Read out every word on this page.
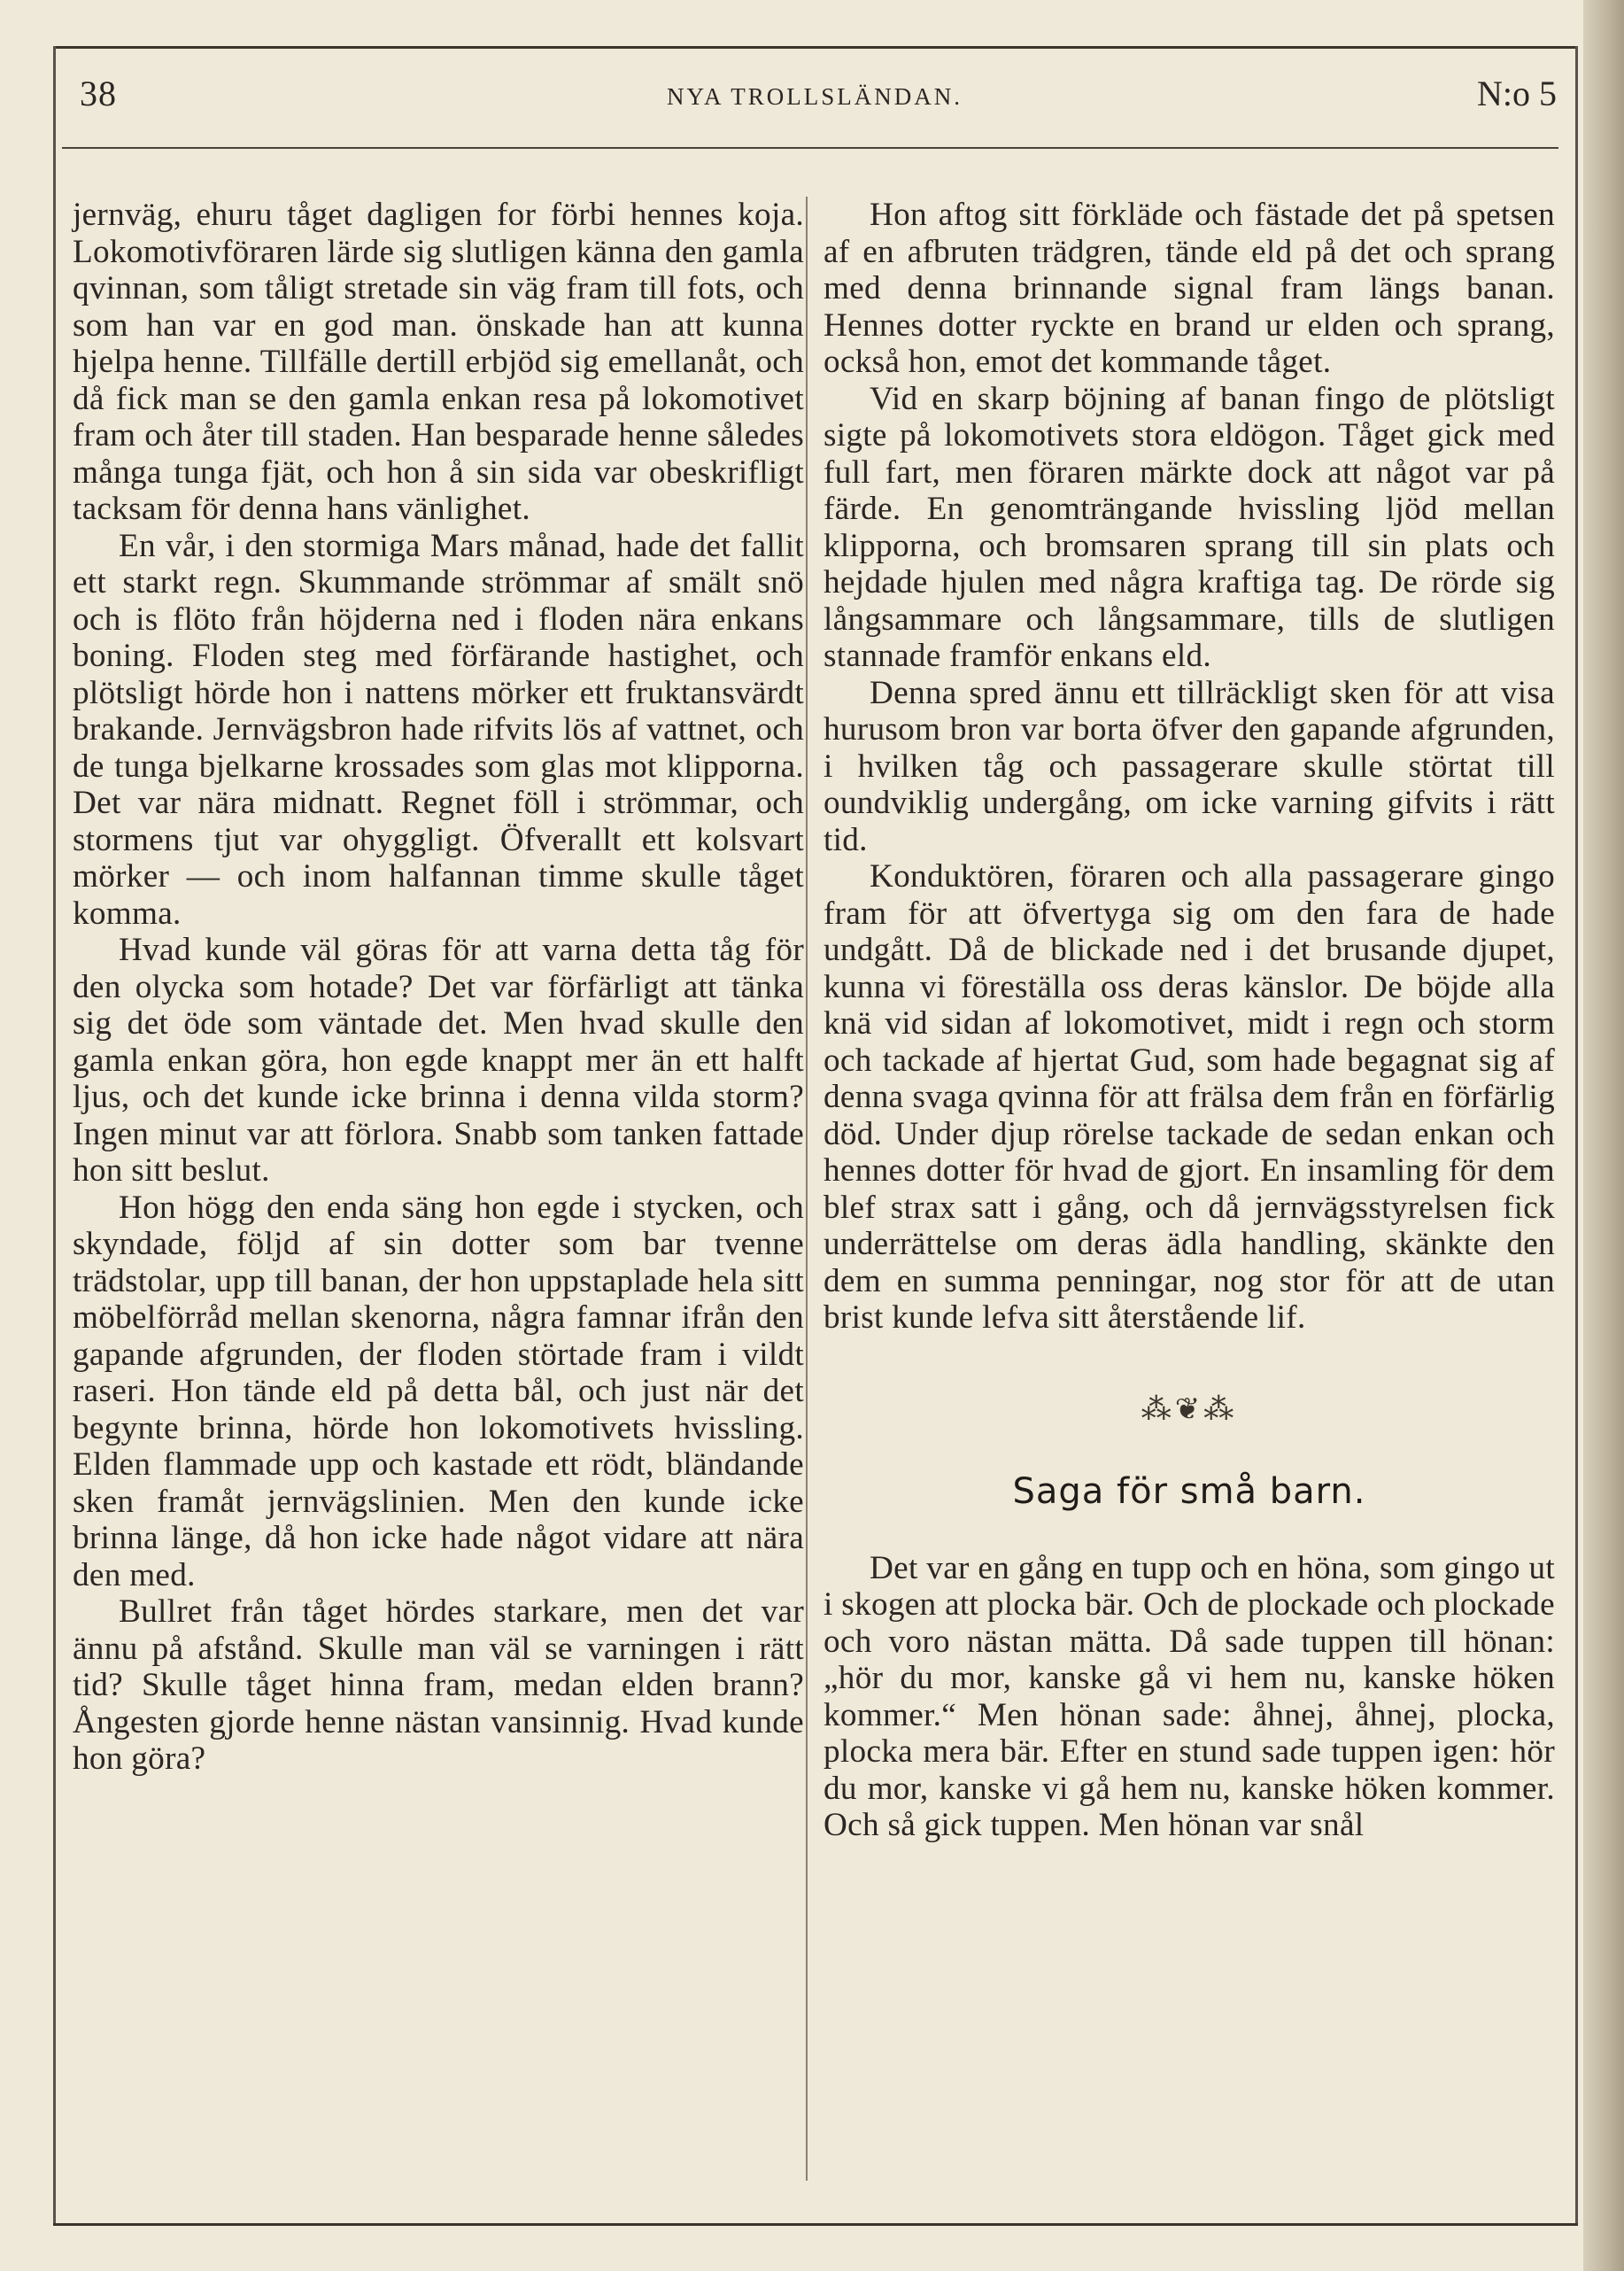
38	NYA TROLLSLÄNDAN.	N:o 5

jernväg, ehuru tåget dagligen for förbi hennes koja. Lokomotivföraren lärde sig slutligen känna den gamla qvinnan, som tåligt stretade sin väg fram till fots, och som han var en god man. önskade han att kunna hjelpa henne. Tillfälle dertill erbjöd sig emellanåt, och då fick man se den gamla enkan resa på lokomotivet fram och åter till staden. Han besparade henne således många tunga fjät, och hon å sin sida var obeskrifligt tacksam för denna hans vänlighet.

En vår, i den stormiga Mars månad, hade det fallit ett starkt regn. Skummande strömmar af smält snö och is flöto från höjderna ned i floden nära enkans boning. Floden steg med förfärande hastighet, och plötsligt hörde hon i nattens mörker ett fruktansvärdt brakande. Jernvägsbron hade rifvits lös af vattnet, och de tunga bjelkarne krossades som glas mot klipporna. Det var nära midnatt. Regnet föll i strömmar, och stormens tjut var ohyggligt. Öfverallt ett kolsvart mörker — och inom halfannan timme skulle tåget komma.

Hvad kunde väl göras för att varna detta tåg för den olycka som hotade? Det var förfärligt att tänka sig det öde som väntade det. Men hvad skulle den gamla enkan göra, hon egde knappt mer än ett halft ljus, och det kunde icke brinna i denna vilda storm? Ingen minut var att förlora. Snabb som tanken fattade hon sitt beslut.

Hon högg den enda säng hon egde i stycken, och skyndade, följd af sin dotter som bar tvenne trädstolar, upp till banan, der hon uppstaplade hela sitt möbelförråd mellan skenorna, några famnar ifrån den gapande afgrunden, der floden störtade fram i vildt raseri. Hon tände eld på detta bål, och just när det begynte brinna, hörde hon lokomotivets hvissling. Elden flammade upp och kastade ett rödt, bländande sken framåt jernvägslinien. Men den kunde icke brinna länge, då hon icke hade något vidare att nära den med.

Bullret från tåget hördes starkare, men det var ännu på afstånd. Skulle man väl se varningen i rätt tid? Skulle tåget hinna fram, medan elden brann? Ångesten gjorde henne nästan vansinnig. Hvad kunde hon göra?

Hon aftog sitt förkläde och fästade det på spetsen af en afbruten trädgren, tände eld på det och sprang med denna brinnande signal fram längs banan. Hennes dotter ryckte en brand ur elden och sprang, också hon, emot det kommande tåget.

Vid en skarp böjning af banan fingo de plötsligt sigte på lokomotivets stora eldögon. Tåget gick med full fart, men föraren märkte dock att något var på färde. En genomträngande hvissling ljöd mellan klipporna, och bromsaren sprang till sin plats och hejdade hjulen med några kraftiga tag. De rörde sig långsammare och långsammare, tills de slutligen stannade framför enkans eld.

Denna spred ännu ett tillräckligt sken för att visa hurusom bron var borta öfver den gapande afgrunden, i hvilken tåg och passagerare skulle störtat till oundviklig undergång, om icke varning gifvits i rätt tid.

Konduktören, föraren och alla passagerare gingo fram för att öfvertyga sig om den fara de hade undgått. Då de blickade ned i det brusande djupet, kunna vi föreställa oss deras känslor. De böjde alla knä vid sidan af lokomotivet, midt i regn och storm och tackade af hjertat Gud, som hade begagnat sig af denna svaga qvinna för att frälsa dem från en förfärlig död. Under djup rörelse tackade de sedan enkan och hennes dotter för hvad de gjort. En insamling för dem blef strax satt i gång, och då jernvägsstyrelsen fick underrättelse om deras ädla handling, skänkte den dem en summa penningar, nog stor för att de utan brist kunde lefva sitt återstående lif.

⁂❦⁂
Saga för små barn.

Det var en gång en tupp och en höna, som gingo ut i skogen att plocka bär. Och de plockade och plockade och voro nästan mätta. Då sade tuppen till hönan: „hör du mor, kanske gå vi hem nu, kanske höken kommer.“ Men hönan sade: åhnej, åhnej, plocka, plocka mera bär. Efter en stund sade tuppen igen: hör du mor, kanske vi gå hem nu, kanske höken kommer. Och så gick tuppen. Men hönan var snål
